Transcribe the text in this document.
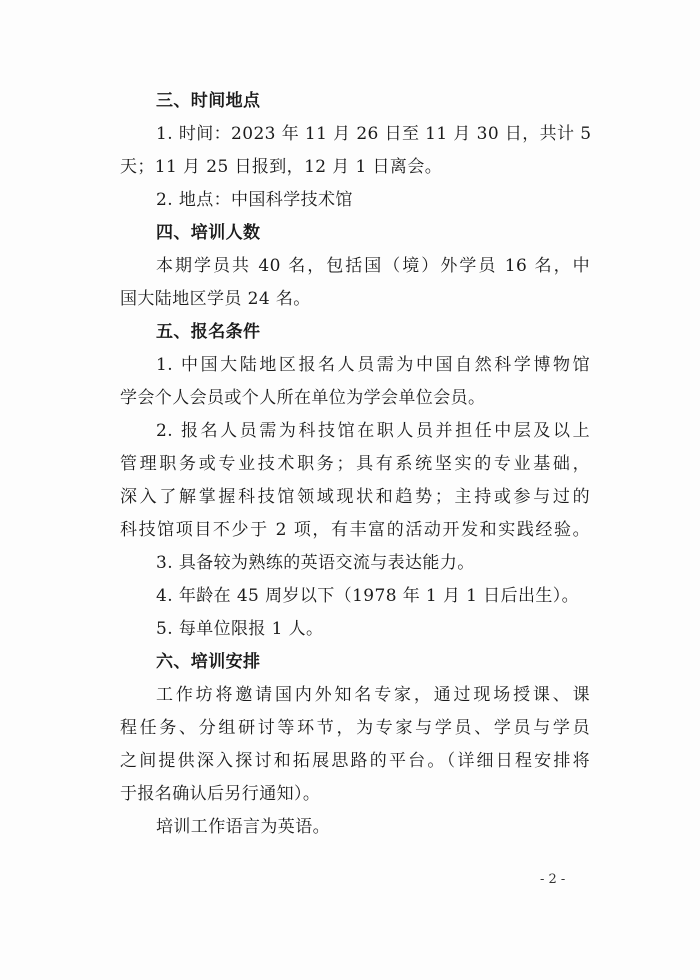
三、时间地点
1. 时间：2023 年 11 月 26 日至 11 月 30 日，共计 5
天；11 月 25 日报到，12 月 1 日离会。
2. 地点：中国科学技术馆
四、培训人数
本期学员共 40 名，包括国（境）外学员 16 名，中
国大陆地区学员 24 名。
五、报名条件
1. 中国大陆地区报名人员需为中国自然科学博物馆
学会个人会员或个人所在单位为学会单位会员。
2. 报名人员需为科技馆在职人员并担任中层及以上
管理职务或专业技术职务；具有系统坚实的专业基础，
深入了解掌握科技馆领域现状和趋势；主持或参与过的
科技馆项目不少于 2 项，有丰富的活动开发和实践经验。
3. 具备较为熟练的英语交流与表达能力。
4. 年龄在 45 周岁以下（1978 年 1 月 1 日后出生）。
5. 每单位限报 1 人。
六、培训安排
工作坊将邀请国内外知名专家，通过现场授课、课
程任务、分组研讨等环节，为专家与学员、学员与学员
之间提供深入探讨和拓展思路的平台。（详细日程安排将
于报名确认后另行通知）。
培训工作语言为英语。
- 2 -
